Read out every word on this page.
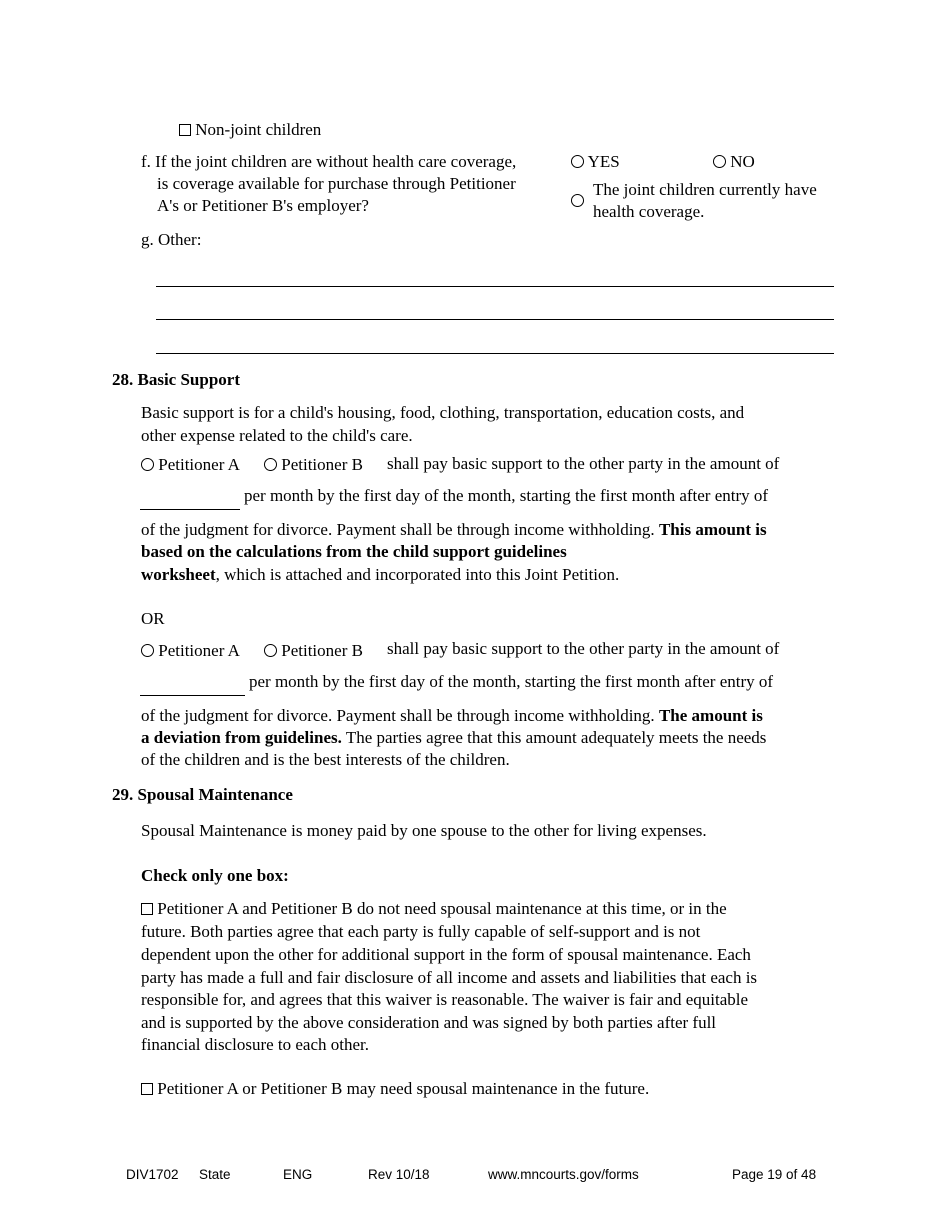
Non-joint children
f. If the joint children are without health care coverage,
is coverage available for purchase through Petitioner
A's or Petitioner B's employer?
YES	NO
The joint children currently have
health coverage.
g. Other:
28. Basic Support
Basic support is for a child's housing, food, clothing, transportation, education costs, and
other expense related to the child's care.
Petitioner A	Petitioner B shall pay basic support to the other party in the amount of
per month by the first day of the month, starting the first month after entry of
of the judgment for divorce. Payment shall be through income withholding. This amount is
based on the calculations from the child support guidelines
worksheet, which is attached and incorporated into this Joint Petition.
OR
Petitioner A	Petitioner B shall pay basic support to the other party in the amount of
per month by the first day of the month, starting the first month after entry of
of the judgment for divorce. Payment shall be through income withholding. The amount is
a deviation from guidelines. The parties agree that this amount adequately meets the needs
of the children and is the best interests of the children.
29. Spousal Maintenance
Spousal Maintenance is money paid by one spouse to the other for living expenses.
Check only one box:
Petitioner A and Petitioner B do not need spousal maintenance at this time, or in the
future. Both parties agree that each party is fully capable of self-support and is not
dependent upon the other for additional support in the form of spousal maintenance. Each
party has made a full and fair disclosure of all income and assets and liabilities that each is
responsible for, and agrees that this waiver is reasonable. The waiver is fair and equitable
and is supported by the above consideration and was signed by both parties after full
financial disclosure to each other.
Petitioner A or Petitioner B may need spousal maintenance in the future.
DIV1702 State	ENG	Rev 10/18	www.mncourts.gov/forms	Page 19 of 48
